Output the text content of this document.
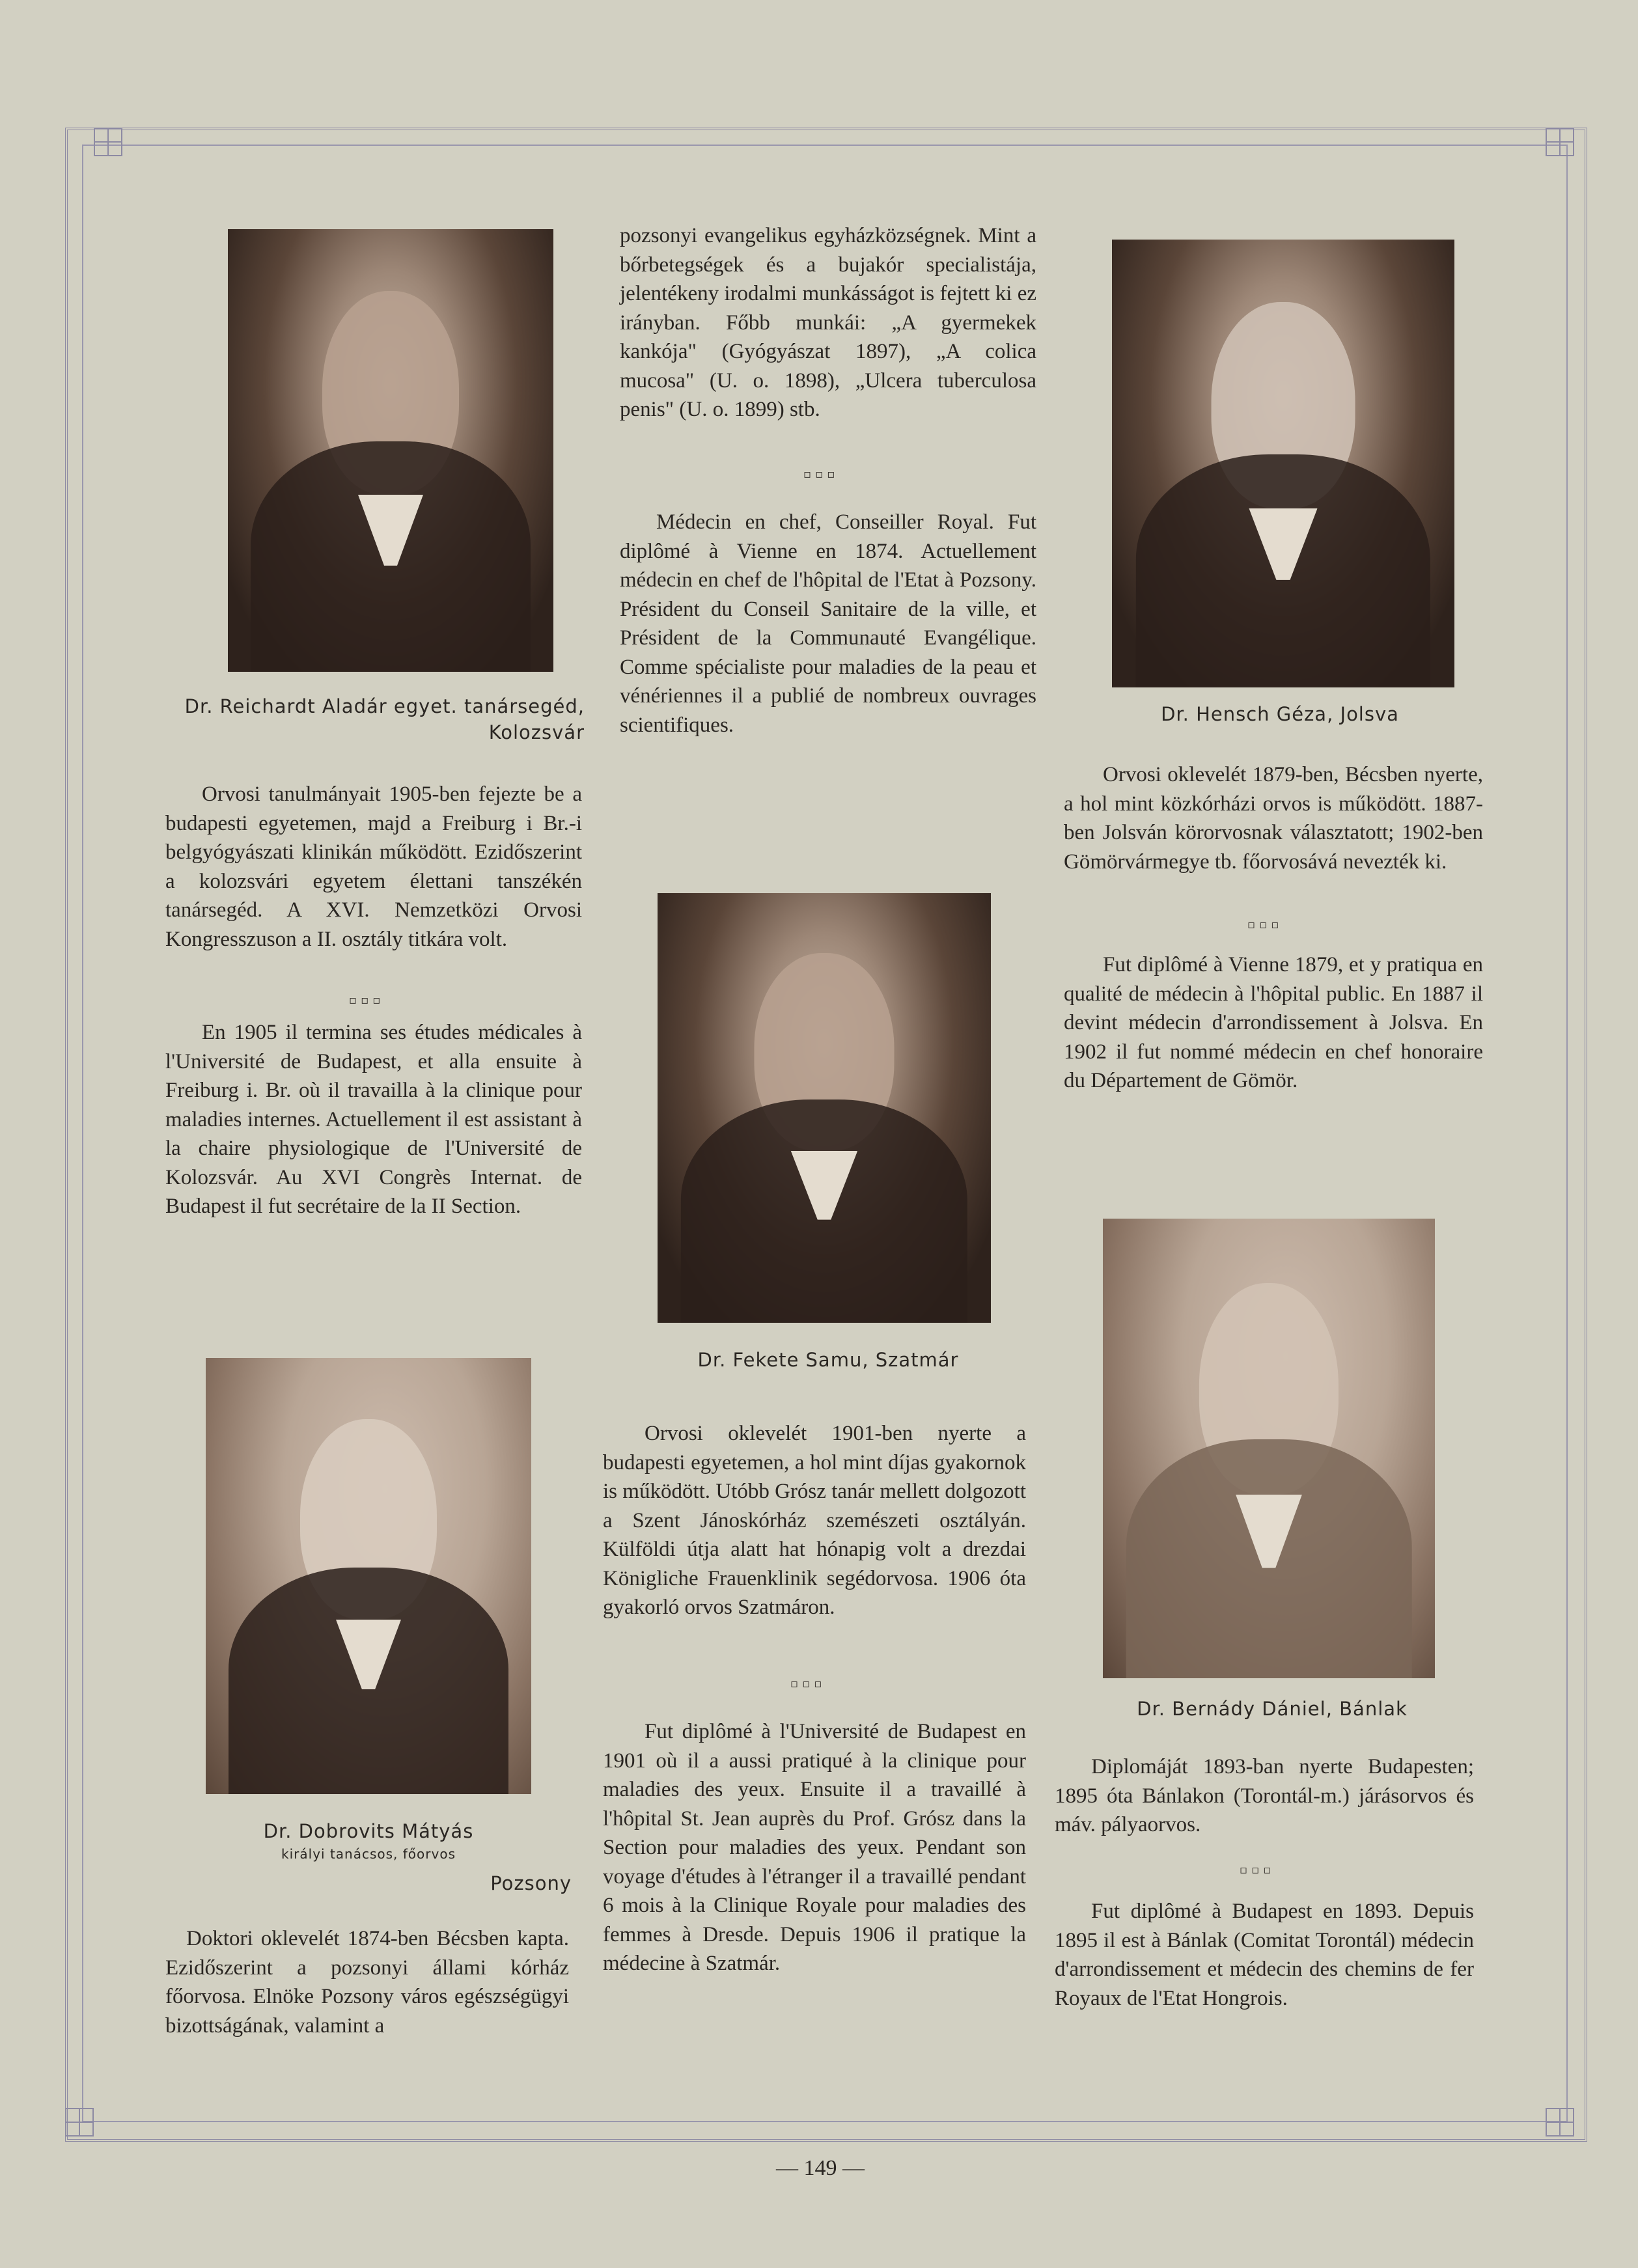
Dr. Reichardt Aladár egyet. tanársegéd,
Kolozsvár

Orvosi tanulmányait 1905-ben fejezte be a budapesti egyetemen, majd a Freiburg i Br.-i belgyógyászati klinikán működött. Ezidőszerint a kolozsvári egyetem élettani tanszékén tanársegéd. A XVI. Nemzetközi Orvosi Kongresszuson a II. osztály titkára volt.

▫▫▫

En 1905 il termina ses études médicales à l'Université de Budapest, et alla ensuite à Freiburg i. Br. où il travailla à la clinique pour maladies internes. Actuellement il est assistant à la chaire physiologique de l'Université de Kolozsvár. Au XVI Congrès Internat. de Budapest il fut secrétaire de la II Section.

Dr. Dobrovits Mátyás
királyi tanácsos, főorvos
Pozsony

Doktori oklevelét 1874-ben Bécsben kapta. Ezidőszerint a pozsonyi állami kórház főorvosa. Elnöke Pozsony város egészségügyi bizottságának, valamint a

pozsonyi evangelikus egyházközségnek. Mint a bőrbetegségek és a bujakór specialistája, jelentékeny irodalmi munkásságot is fejtett ki ez irányban. Főbb munkái: „A gyermekek kankója" (Gyógyászat 1897), „A colica mucosa" (U. o. 1898), „Ulcera tuberculosa penis" (U. o. 1899) stb.

▫▫▫

Médecin en chef, Conseiller Royal. Fut diplômé à Vienne en 1874. Actuellement médecin en chef de l'hôpital de l'Etat à Pozsony. Président du Conseil Sanitaire de la ville, et Président de la Communauté Evangélique. Comme spécialiste pour maladies de la peau et vénériennes il a publié de nombreux ouvrages scientifiques.

Dr. Fekete Samu, Szatmár

Orvosi oklevelét 1901-ben nyerte a budapesti egyetemen, a hol mint díjas gyakornok is működött. Utóbb Grósz tanár mellett dolgozott a Szent Jánoskórház szemészeti osztályán. Külföldi útja alatt hat hónapig volt a drezdai Königliche Frauenklinik segédorvosa. 1906 óta gyakorló orvos Szatmáron.

▫▫▫

Fut diplômé à l'Université de Budapest en 1901 où il a aussi pratiqué à la clinique pour maladies des yeux. Ensuite il a travaillé à l'hôpital St. Jean auprès du Prof. Grósz dans la Section pour maladies des yeux. Pendant son voyage d'études à l'étranger il a travaillé pendant 6 mois à la Clinique Royale pour maladies des femmes à Dresde. Depuis 1906 il pratique la médecine à Szatmár.

Dr. Hensch Géza, Jolsva

Orvosi oklevelét 1879-ben, Bécsben nyerte, a hol mint közkórházi orvos is működött. 1887-ben Jolsván körorvosnak választatott; 1902-ben Gömörvármegye tb. főorvosává nevezték ki.

▫▫▫

Fut diplômé à Vienne 1879, et y pratiqua en qualité de médecin à l'hôpital public. En 1887 il devint médecin d'arrondissement à Jolsva. En 1902 il fut nommé médecin en chef honoraire du Département de Gömör.

Dr. Bernády Dániel, Bánlak

Diplomáját 1893-ban nyerte Budapesten; 1895 óta Bánlakon (Torontál-m.) járásorvos és máv. pályaorvos.

▫▫▫

Fut diplômé à Budapest en 1893. Depuis 1895 il est à Bánlak (Comitat Torontál) médecin d'arrondissement et médecin des chemins de fer Royaux de l'Etat Hongrois.

— 149 —
